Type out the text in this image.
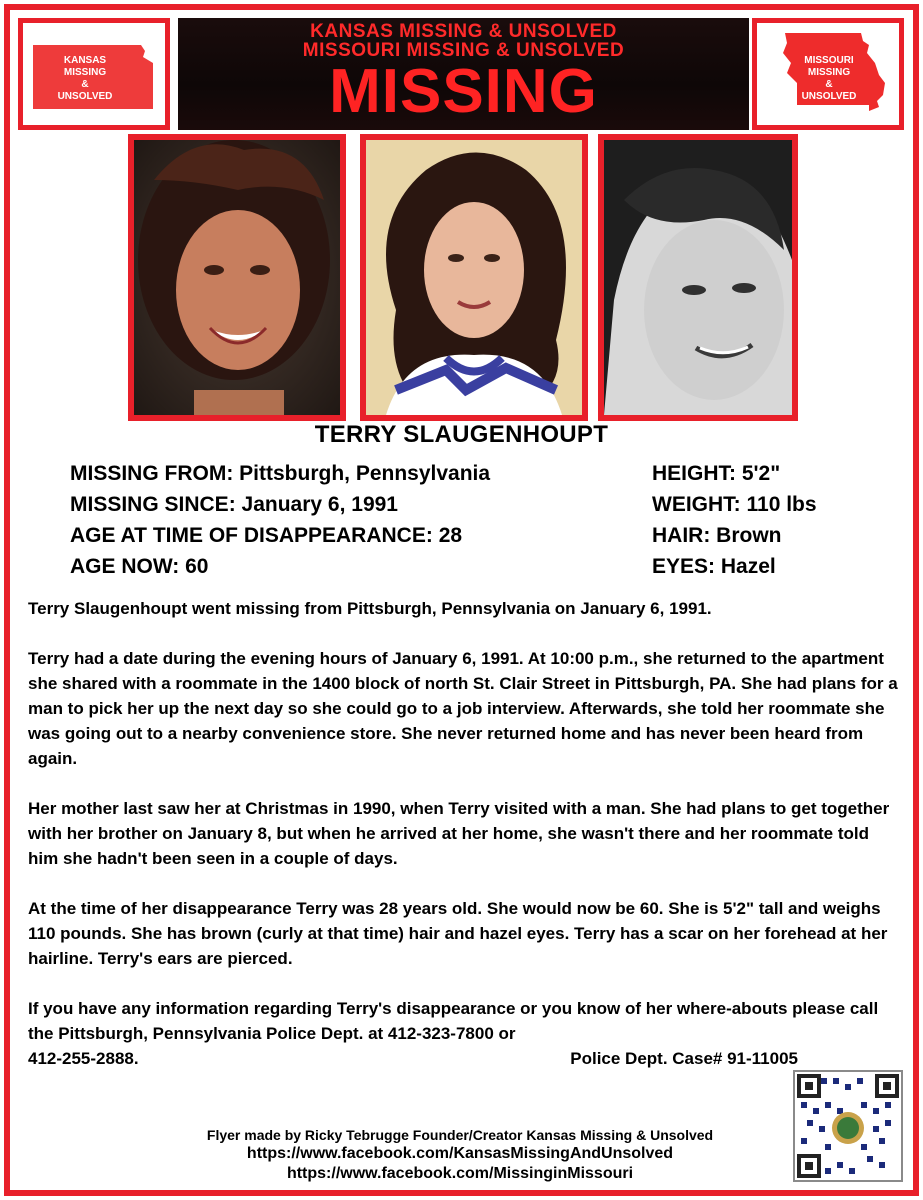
KANSAS
MISSING
&
UNSOLVED
KANSAS MISSING & UNSOLVED
MISSOURI MISSING & UNSOLVED
MISSING	MISSOURI
MISSING
&
UNSOLVED
TERRY SLAUGENHOUPT
MISSING FROM: Pittsburgh, Pennsylvania
MISSING SINCE: January 6, 1991
AGE AT TIME OF DISAPPEARANCE: 28
AGE NOW: 60
HEIGHT: 5'2"
WEIGHT: 110 lbs
HAIR: Brown
EYES: Hazel

Terry Slaugenhoupt went missing from Pittsburgh, Pennsylvania on January 6, 1991.

Terry had a date during the evening hours of January 6, 1991. At 10:00 p.m., she returned to the apartment she shared with a roommate in the 1400 block of north St. Clair Street in Pittsburgh, PA. She had plans for a man to pick her up the next day so she could go to a job interview. Afterwards, she told her roommate she was going out to a nearby convenience store. She never returned home and has never been heard from again.

Her mother last saw her at Christmas in 1990, when Terry visited with a man. She had plans to get together with her brother on January 8, but when he arrived at her home, she wasn't there and her roommate told him she hadn't been seen in a couple of days.

At the time of her disappearance Terry was 28 years old. She would now be 60. She is 5'2" tall and weighs 110 pounds. She has brown (curly at that time) hair and hazel eyes. Terry has a scar on her forehead at her hairline. Terry's ears are pierced.

If you have any information regarding Terry's disappearance or you know of her where-abouts please call the Pittsburgh, Pennsylvania Police Dept. at 412-323-7800 or
412-255-2888.	Police Dept. Case# 91-11005

Flyer made by Ricky Tebrugge Founder/Creator Kansas Missing & Unsolved
https://www.facebook.com/KansasMissingAndUnsolved
https://www.facebook.com/MissinginMissouri
